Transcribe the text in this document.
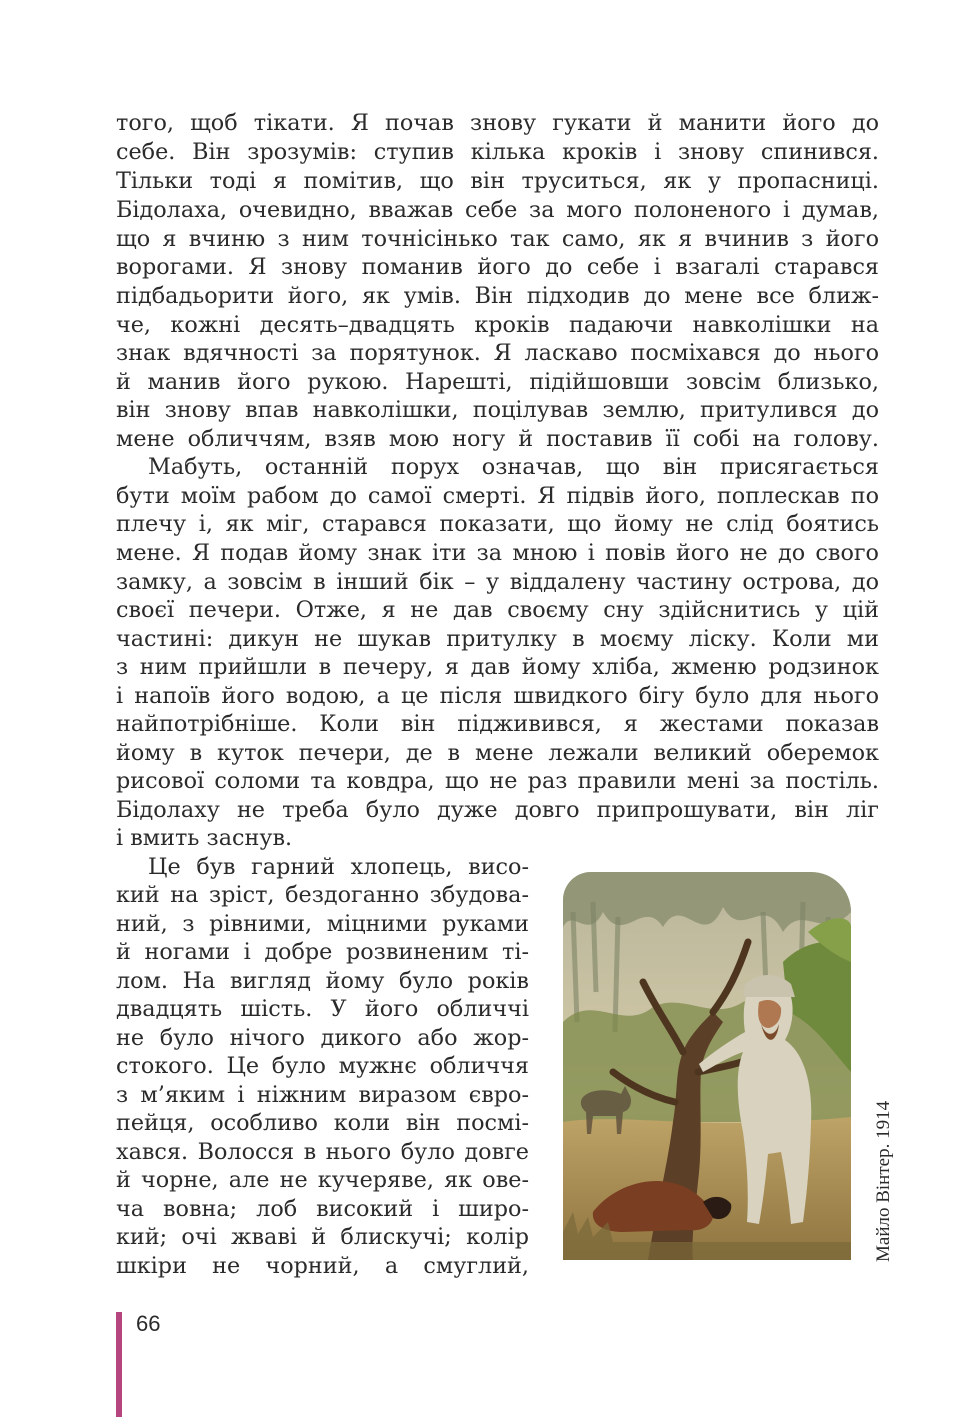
того, щоб тікати. Я почав знову гукати й манити його до
себе. Він зрозумів: ступив кілька кроків і знову спинився.
Тільки тоді я помітив, що він труситься, як у пропасниці.
Бідолаха, очевидно, вважав себе за мого полоненого і думав,
що я вчиню з ним точнісінько так само, як я вчинив з його
ворогами. Я знову поманив його до себе і взагалі старався
підбадьорити його, як умів. Він підходив до мене все ближ-
че, кожні десять–двадцять кроків падаючи навколішки на
знак вдячності за порятунок. Я ласкаво посміхався до нього
й манив його рукою. Нарешті, підійшовши зовсім близько,
він знову впав навколішки, поцілував землю, притулився до
мене обличчям, взяв мою ногу й поставив її собі на голову.
Мабуть, останній порух означав, що він присягається
бути моїм рабом до самої смерті. Я підвів його, поплескав по
плечу і, як міг, старався показати, що йому не слід боятись
мене. Я подав йому знак іти за мною і повів його не до свого
замку, а зовсім в інший бік – у віддалену частину острова, до
своєї печери. Отже, я не дав своєму сну здійснитись у цій
частині: дикун не шукав притулку в моєму ліску. Коли ми
з ним прийшли в печеру, я дав йому хліба, жменю родзинок
і напоїв його водою, а це після швидкого бігу було для нього
найпотрібніше. Коли він підживився, я жестами показав
йому в куток печери, де в мене лежали великий оберемок
рисової соломи та ковдра, що не раз правили мені за постіль.
Бідолаху не треба було дуже довго припрошувати, він ліг
і вмить заснув.
Це був гарний хлопець, висо-
кий на зріст, бездоганно збудова-
ний, з рівними, міцними руками
й ногами і добре розвиненим ті-
лом. На вигляд йому було років
двадцять шість. У його обличчі
не було нічого дикого або жор-
стокого. Це було мужнє обличчя
з м’яким і ніжним виразом євро-
пейця, особливо коли він посмі-
хався. Волосся в нього було довге
й чорне, але не кучеряве, як ове-
ча вовна; лоб високий і широ-
кий; очі жваві й блискучі; колір
шкіри не чорний, а смуглий,
Майло Вінтер. 1914
66
